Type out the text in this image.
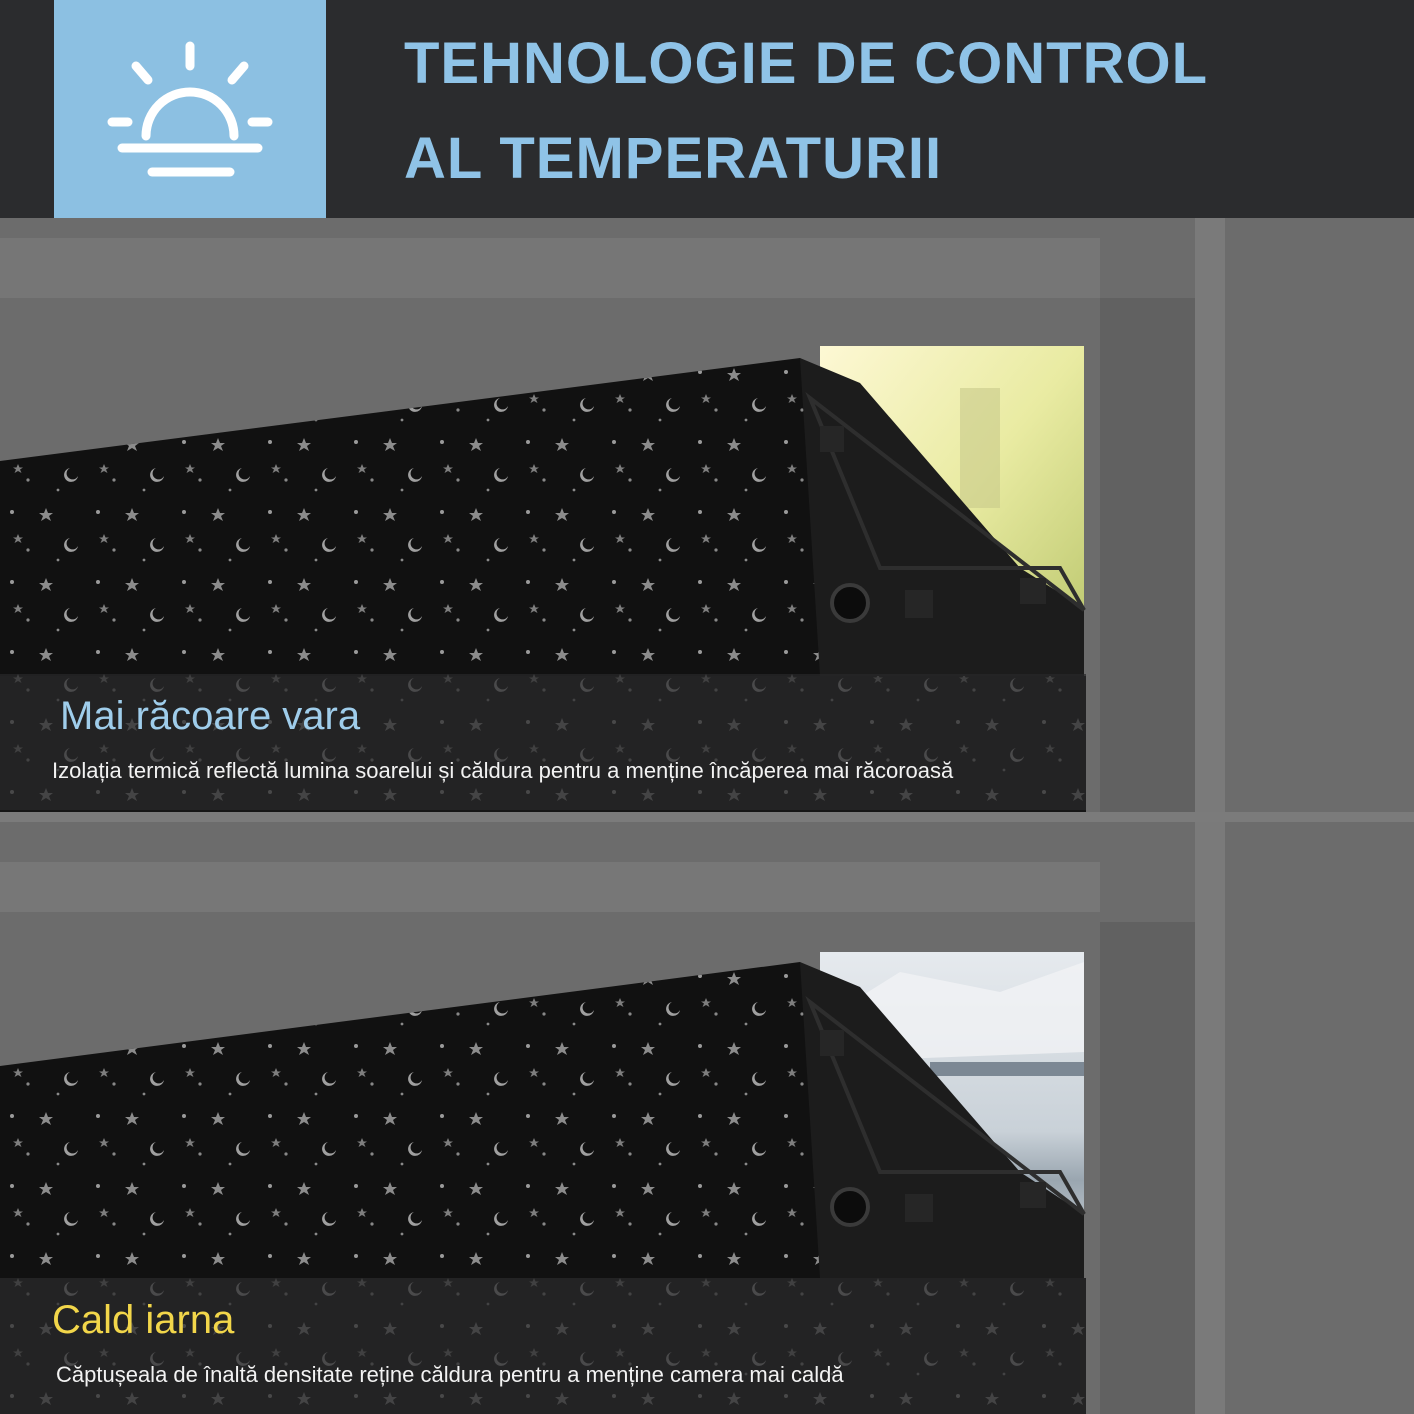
TEHNOLOGIE DE CONTROL
AL TEMPERATURII
Mai răcoare vara

Izolația termică reflectă lumina soarelui și căldura pentru a menține încăperea mai răcoroasă

Cald iarna

Căptușeala de înaltă densitate reține căldura pentru a menține camera mai caldă
